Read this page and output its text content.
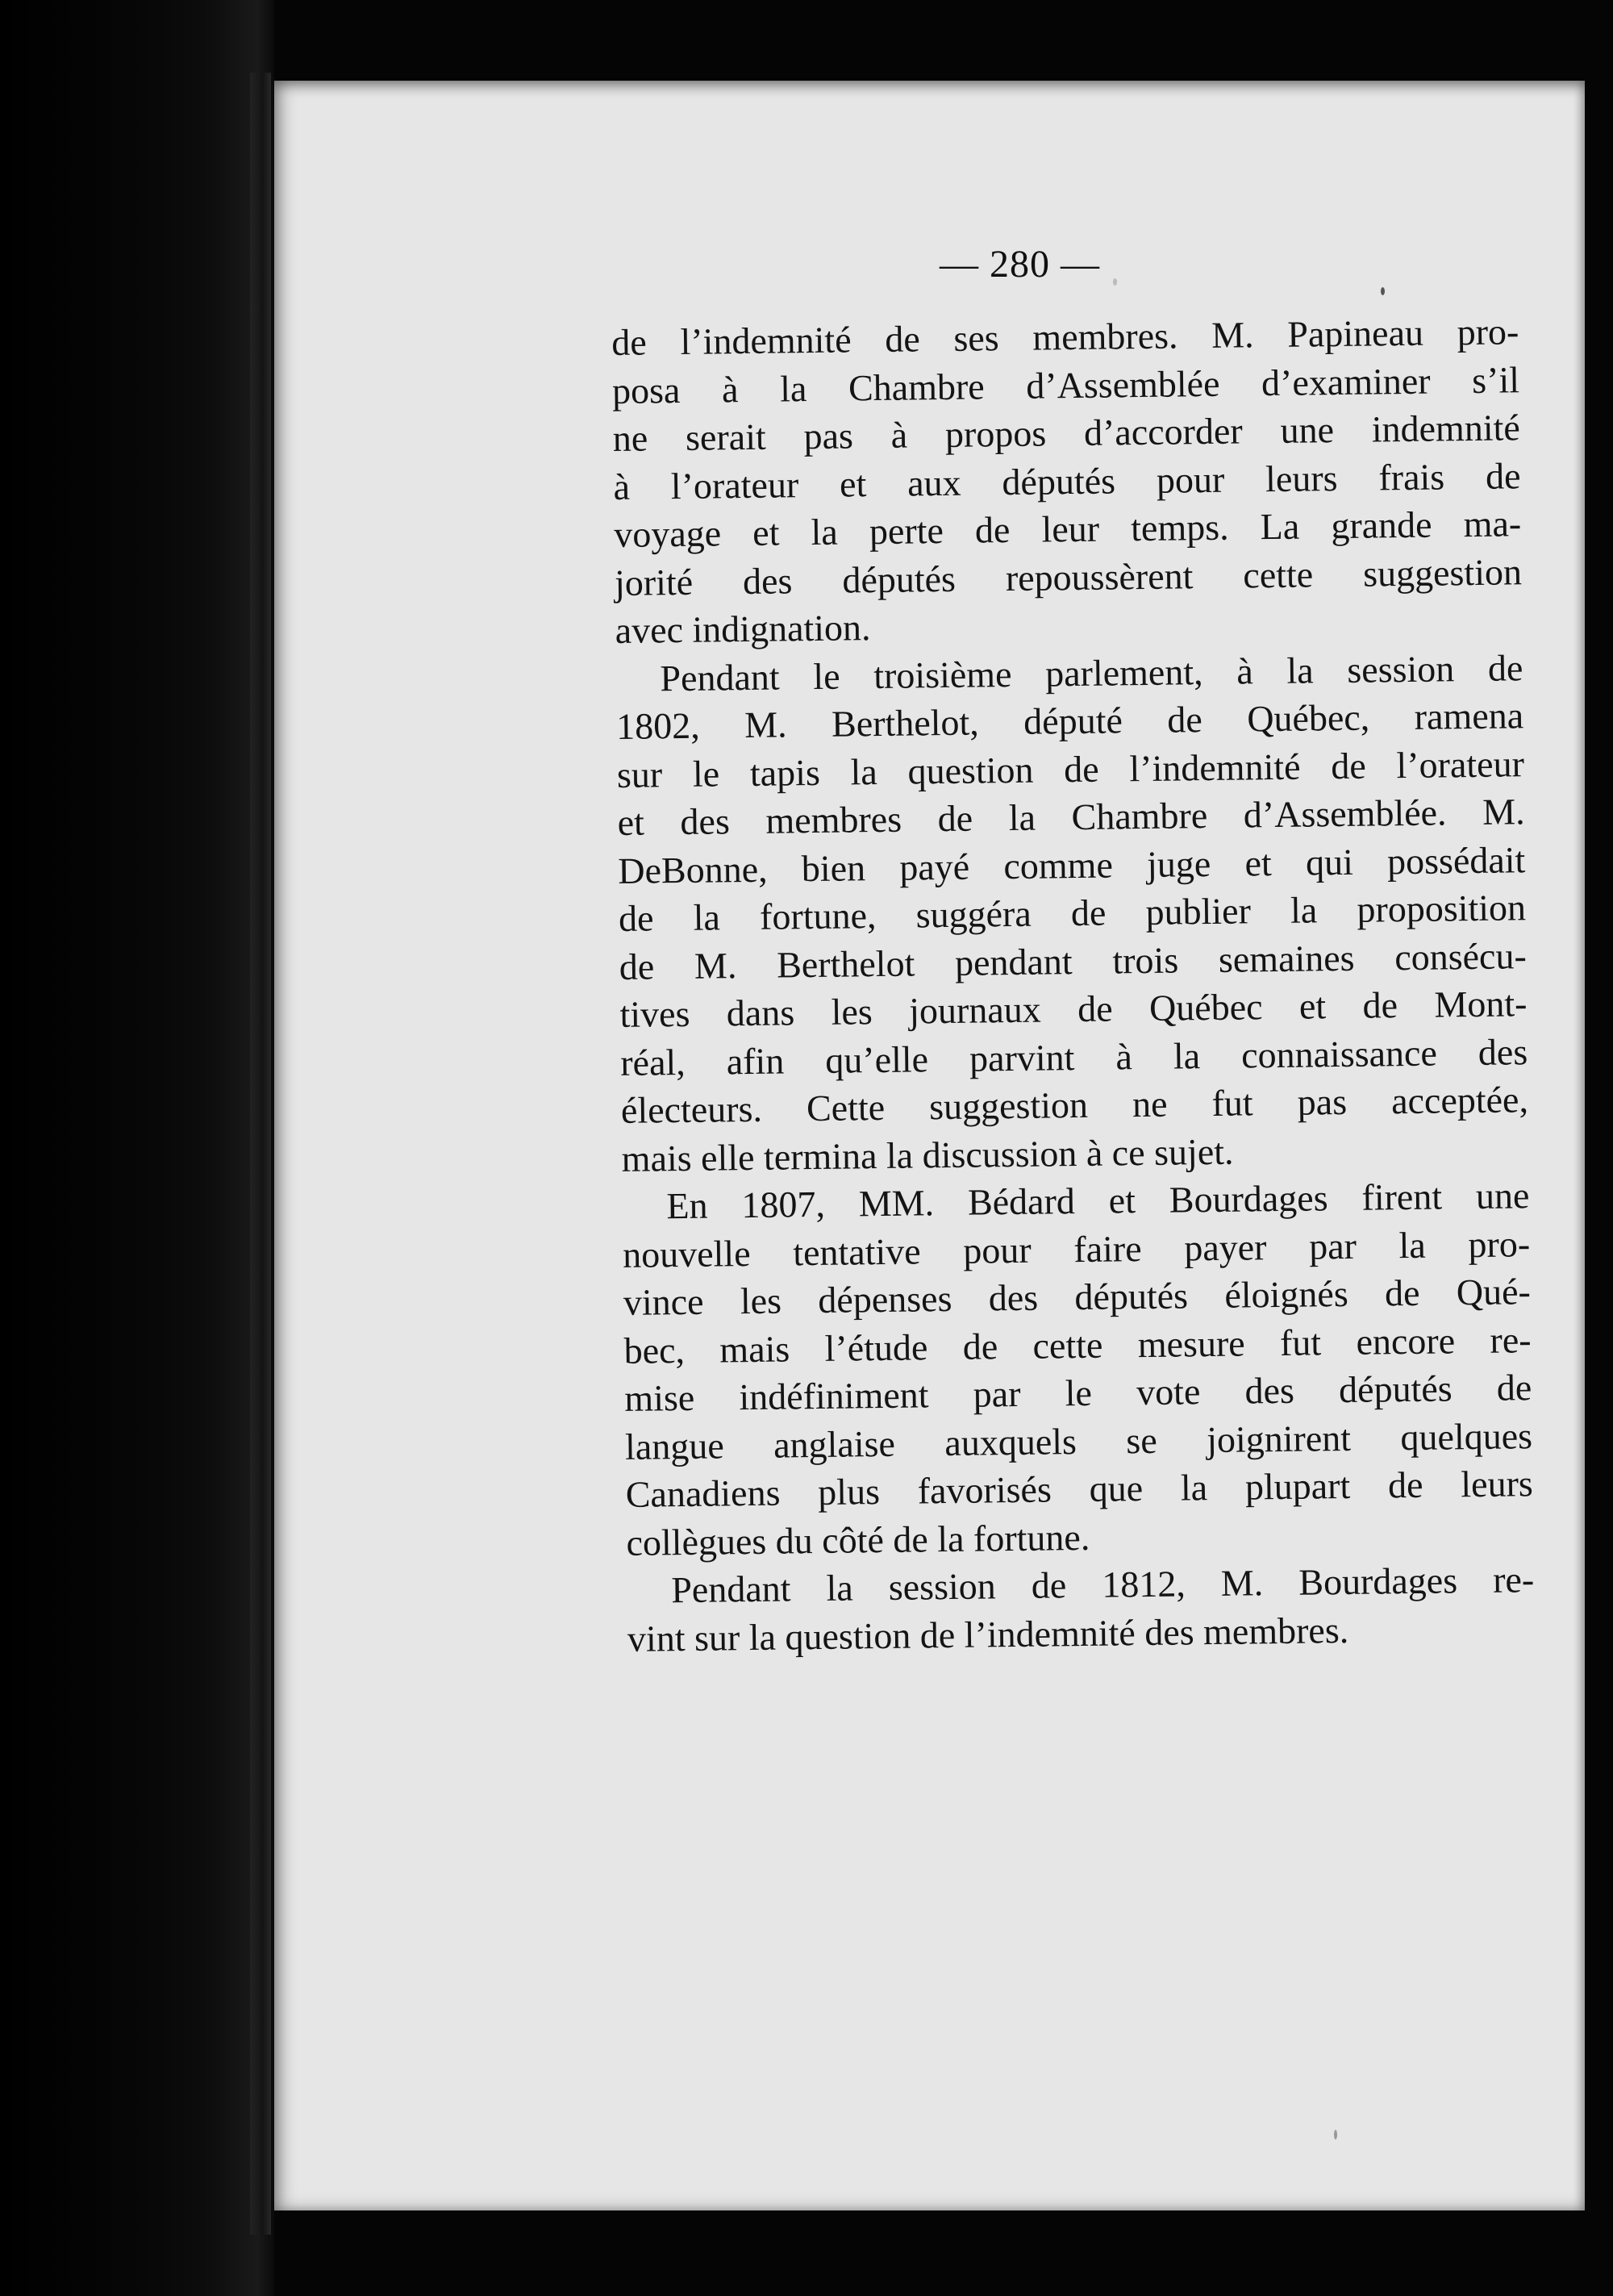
— 280 —
de l’indemnité de ses membres. M. Papineau pro-
posa à la Chambre d’Assemblée d’examiner s’il
ne serait pas à propos d’accorder une indemnité
à l’orateur et aux députés pour leurs frais de
voyage et la perte de leur temps. La grande ma-
jorité des députés repoussèrent cette suggestion
avec indignation.
Pendant le troisième parlement, à la session de
1802, M. Berthelot, député de Québec, ramena
sur le tapis la question de l’indemnité de l’orateur
et des membres de la Chambre d’Assemblée. M.
DeBonne, bien payé comme juge et qui possédait
de la fortune, suggéra de publier la proposition
de M. Berthelot pendant trois semaines consécu-
tives dans les journaux de Québec et de Mont-
réal, afin qu’elle parvint à la connaissance des
électeurs. Cette suggestion ne fut pas acceptée,
mais elle termina la discussion à ce sujet.
En 1807, MM. Bédard et Bourdages firent une
nouvelle tentative pour faire payer par la pro-
vince les dépenses des députés éloignés de Qué-
bec, mais l’étude de cette mesure fut encore re-
mise indéfiniment par le vote des députés de
langue anglaise auxquels se joignirent quelques
Canadiens plus favorisés que la plupart de leurs
collègues du côté de la fortune.
Pendant la session de 1812, M. Bourdages re-
vint sur la question de l’indemnité des membres.
